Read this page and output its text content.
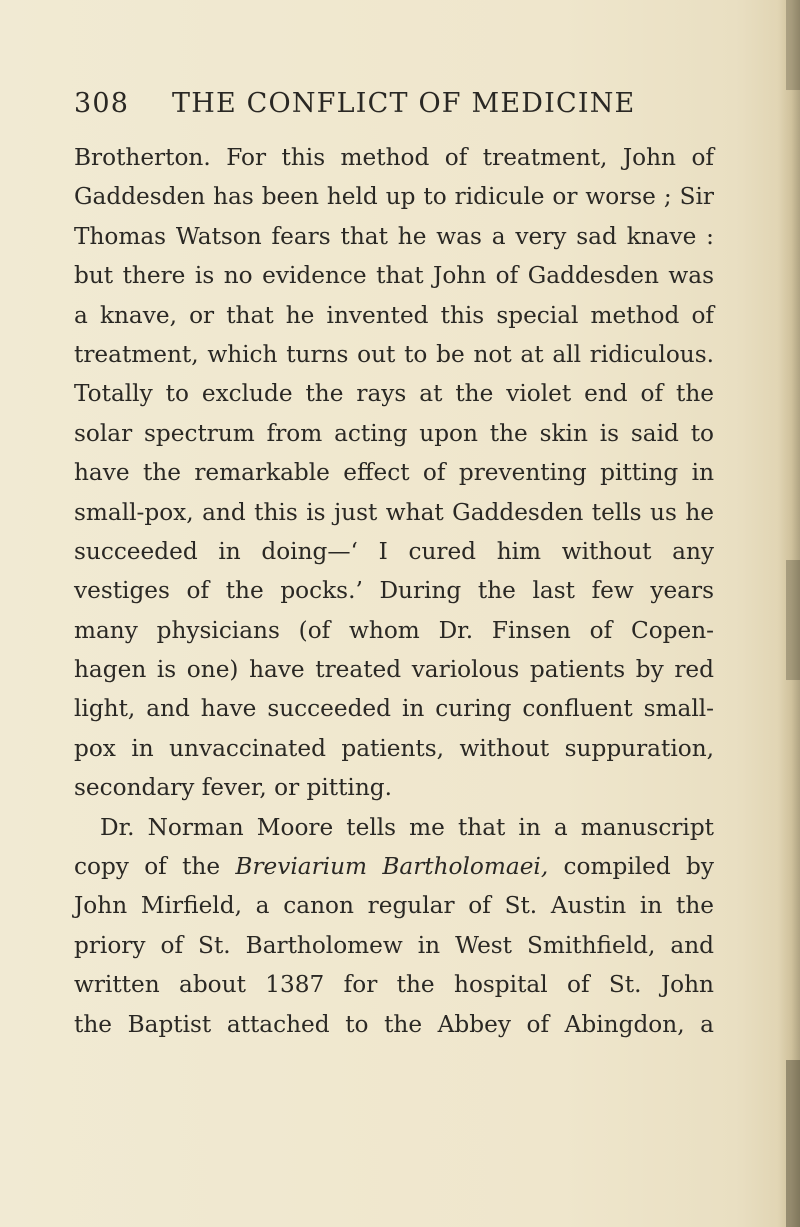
308 THE CONFLICT OF MEDICINE
Brotherton. For this method of treatment, John of
Gaddesden has been held up to ridicule or worse ; Sir
Thomas Watson fears that he was a very sad knave :
but there is no evidence that John of Gaddesden was
a knave, or that he invented this special method of
treatment, which turns out to be not at all ridiculous.
Totally to exclude the rays at the violet end of the
solar spectrum from acting upon the skin is said to
have the remarkable effect of preventing pitting in
small-pox, and this is just what Gaddesden tells us he
succeeded in doing—‘ I cured him without any
vestiges of the pocks.’ During the last few years
many physicians (of whom Dr. Finsen of Copen-
hagen is one) have treated variolous patients by red
light, and have succeeded in curing confluent small-
pox in unvaccinated patients, without suppuration,
secondary fever, or pitting.
Dr. Norman Moore tells me that in a manuscript
copy of the Breviarium Bartholomaei, compiled by
John Mirfield, a canon regular of St. Austin in the
priory of St. Bartholomew in West Smithfield, and
written about 1387 for the hospital of St. John
the Baptist attached to the Abbey of Abingdon, a
